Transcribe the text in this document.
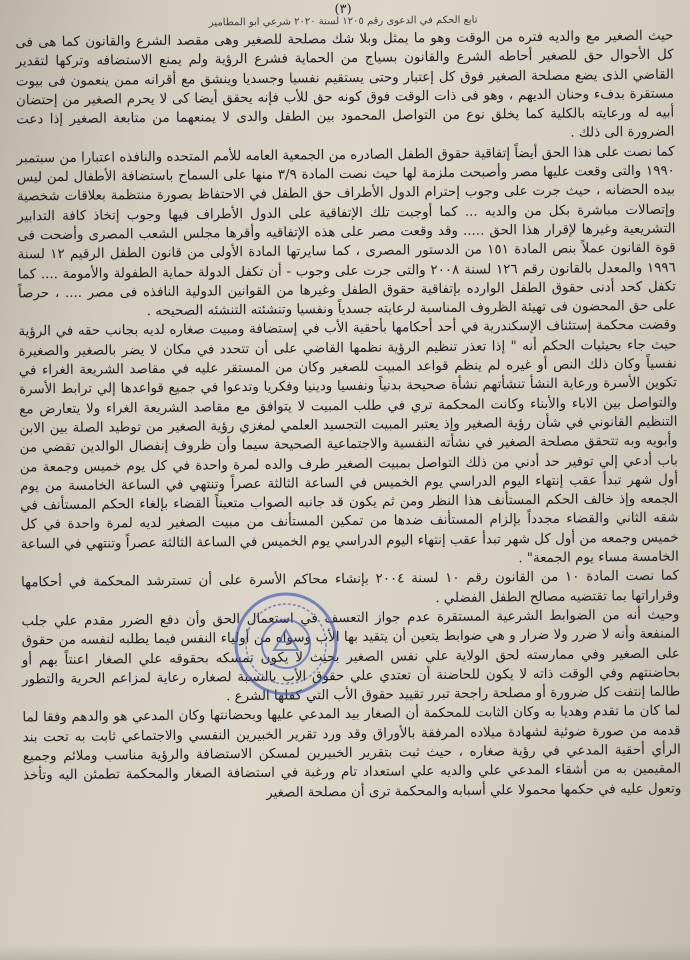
(٣)
تابع الحكم في الدعوى رقم ١٢٠٥ لسنة ٢٠٢٠ شرعي ابو المطامير

حيث الصغير مع والديه فتره من الوقت وهو ما يمثل وبلا شك مصلحة للصغير وهى مقصد الشرع والقانون كما هى فى كل الأحوال حق للصغير أحاطه الشرع والقانون بسياج من الحماية فشرع الرؤية ولم يمنع الاستضافه وتركها لتقدير القاضي الذى يضع مصلحة الصغير فوق كل إعتبار وحتى يستقيم نفسيا وجسديا وينشق مع أقرانه ممن ينعمون فى بيوت مستقرة بدفء وحنان الديهم ، وهو فى ذات الوقت فوق كونه حق للأب فإنه يحقق أيضا كى لا يحرم الصغير من إحتضان أبيه له ورعايته بالكلية كما يخلق نوع من التواصل المحمود بين الطفل والدى لا يمنعهما من متابعة الصغير إذا دعت الضرورة الى ذلك .

كما نصت على هذا الحق أيضاً إتفاقية حقوق الطفل الصادره من الجمعية العامه للأمم المتحده والنافذه اعتبارا من سبتمبر ١٩٩٠ والتى وقعت عليها مصر وأصبحت ملزمة لها حيث نصت المادة ٣/٩ منها على السماح باستضافة الأطفال لمن ليس بيده الحضانه ، حيث جرت على وجوب إحترام الدول الأطراف حق الطفل في الاحتفاظ بصورة منتظمة بعلاقات شخصية وإتصالات مباشرة بكل من والديه ... كما أوجبت تلك الإتفاقية على الدول الأطراف فيها وجوب إتخاذ كافة التدابير التشريعية وغيرها لإقرار هذا الحق ..... وقد وقعت مصر على هذه الإتفاقيه وأقرها مجلس الشعب المصرى وأضحت فى قوة القانون عملاً بنص المادة ١٥١ من الدستور المصرى ، كما سايرتها المادة الأولى من قانون الطفل الرقيم ١٢ لسنة ١٩٩٦ والمعدل بالقانون رقم ١٢٦ لسنة ٢٠٠٨ والتى جرت على وجوب - أن تكفل الدولة حماية الطفولة والأمومة .... كما تكفل كحد أدنى حقوق الطفل الوارده بإتفاقية حقوق الطفل وغيرها من القوانين الدولية النافذه فى مصر .... ، حرصاً على حق المحضون فى تهيئة الظروف المناسبة لرعايته جسدياً ونفسيا وتنشئته التنشئه الصحيحه .

وقضت محكمة إستئناف الإسكندرية في أحد أحكامها بأحقية الأب في إستضافة ومبيت صغاره لديه بجانب حقه في الرؤية حيث جاء بحيثيات الحكم أنه " إذا تعذر تنظيم الرؤية نظمها القاضي على أن تتحدد في مكان لا يضر بالصغير والصغيرة نفسياً وكان ذلك النص أو غيره لم ينظم قواعد المبيت للصغير وكان من المستقر عليه في مقاصد الشريعة الغراء في تكوين الأسرة ورعاية النشأ تنشأتهم نشأة صحيحة بدنياً ونفسيا ودينيا وفكريا وتدعوا في جميع قواعدها إلي ترابط الأسرة والتواصل بين الاباء والأبناء وكانت المحكمة تري في طلب المبيت لا يتوافق مع مقاصد الشريعة الغراء ولا يتعارض مع التنظيم القانوني في شأن رؤية الصغير وإذ يعتبر المبيت التجسيد العلمي لمغزي رؤية الصغير من توطيد الصلة بين الابن وأبويه وبه تتحقق مصلحة الصغير في نشأته النفسية والاجتماعية الصحيحة سيما وأن ظروف إنفصال الوالدين تقضي من باب أدعي إلي توفير حد أدني من ذلك التواصل بمبيت الصغير طرف والده لمرة واحدة في كل يوم خميس وجمعة من أول شهر تبدأ عقب إنتهاء اليوم الدراسي يوم الخميس في الساعة الثالثة عصراً وتنتهي في الساعة الخامسة من يوم الجمعه وإذ خالف الحكم المستأنف هذا النظر ومن ثم يكون قد جانبه الصواب متعيناً القضاء بإلغاء الحكم المستأنف في شقه الثاني والقضاء مجدداً بإلزام المستأنف ضدها من تمكين المستأنف من مبيت الصغير لديه لمرة واحدة في كل خميس وجمعه من أول كل شهر تبدأ عقب إنتهاء اليوم الدراسي يوم الخميس في الساعة الثالثة عصراً وتنتهي في الساعة الخامسة مساء يوم الجمعة" .

كما نصت المادة ١٠ من القانون رقم ١٠ لسنة ٢٠٠٤ بإنشاء محاكم الأسرة على أن تسترشد المحكمة في أحكامها وقراراتها بما تقتضيه مصالح الطفل الفضلي .

وحيث أنه من الضوابط الشرعية المستقرة عدم جواز التعسف في استعمال الحق وأن دفع الضرر مقدم علي جلب المنفعة وأنه لا ضرر ولا ضرار و هي ضوابط يتعين أن يتقيد بها الأب وسواه من أولياء النفس فيما يطلبه لنفسه من حقوق على الصغير وفي ممارسته لحق الولاية علي نفس الصغير بحيث لا يكون تمسكه بحقوقه علي الصغار اعنتاً بهم أو بحاضنتهم وفي الوقت ذاته لا يكون للحاضنة أن تعتدي علي حقوق الأب بالنسبة لصغاره رعاية لمزاعم الحرية والتطور طالما إنتفت كل ضرورة أو مصلحة راجحة تبرر تقييد حقوق الأب التي كفلها الشرع .

لما كان ما تقدم وهديا به وكان الثابت للمحكمة أن الصغار بيد المدعي عليها وبحضانتها وكان المدعي هو والدهم وفقا لما قدمه من صورة ضوئية لشهادة ميلاده المرفقة بالأوراق وقد ورد تقرير الخبيرين النفسي والاجتماعي ثابت به تحت بند الرأي أحقية المدعي في رؤية صغاره ، حيث ثبت بتقرير الخبيرين لمسكن الاستضافة والرؤية مناسب وملائم وجميع المقيمين به من أشقاء المدعي علي والديه علي استعداد تام ورغبة في استضافة الصغار والمحكمة تطمئن اليه وتأخذ وتعول عليه في حكمها محمولا علي أسبابه والمحكمة ترى أن مصلحة الصغير
